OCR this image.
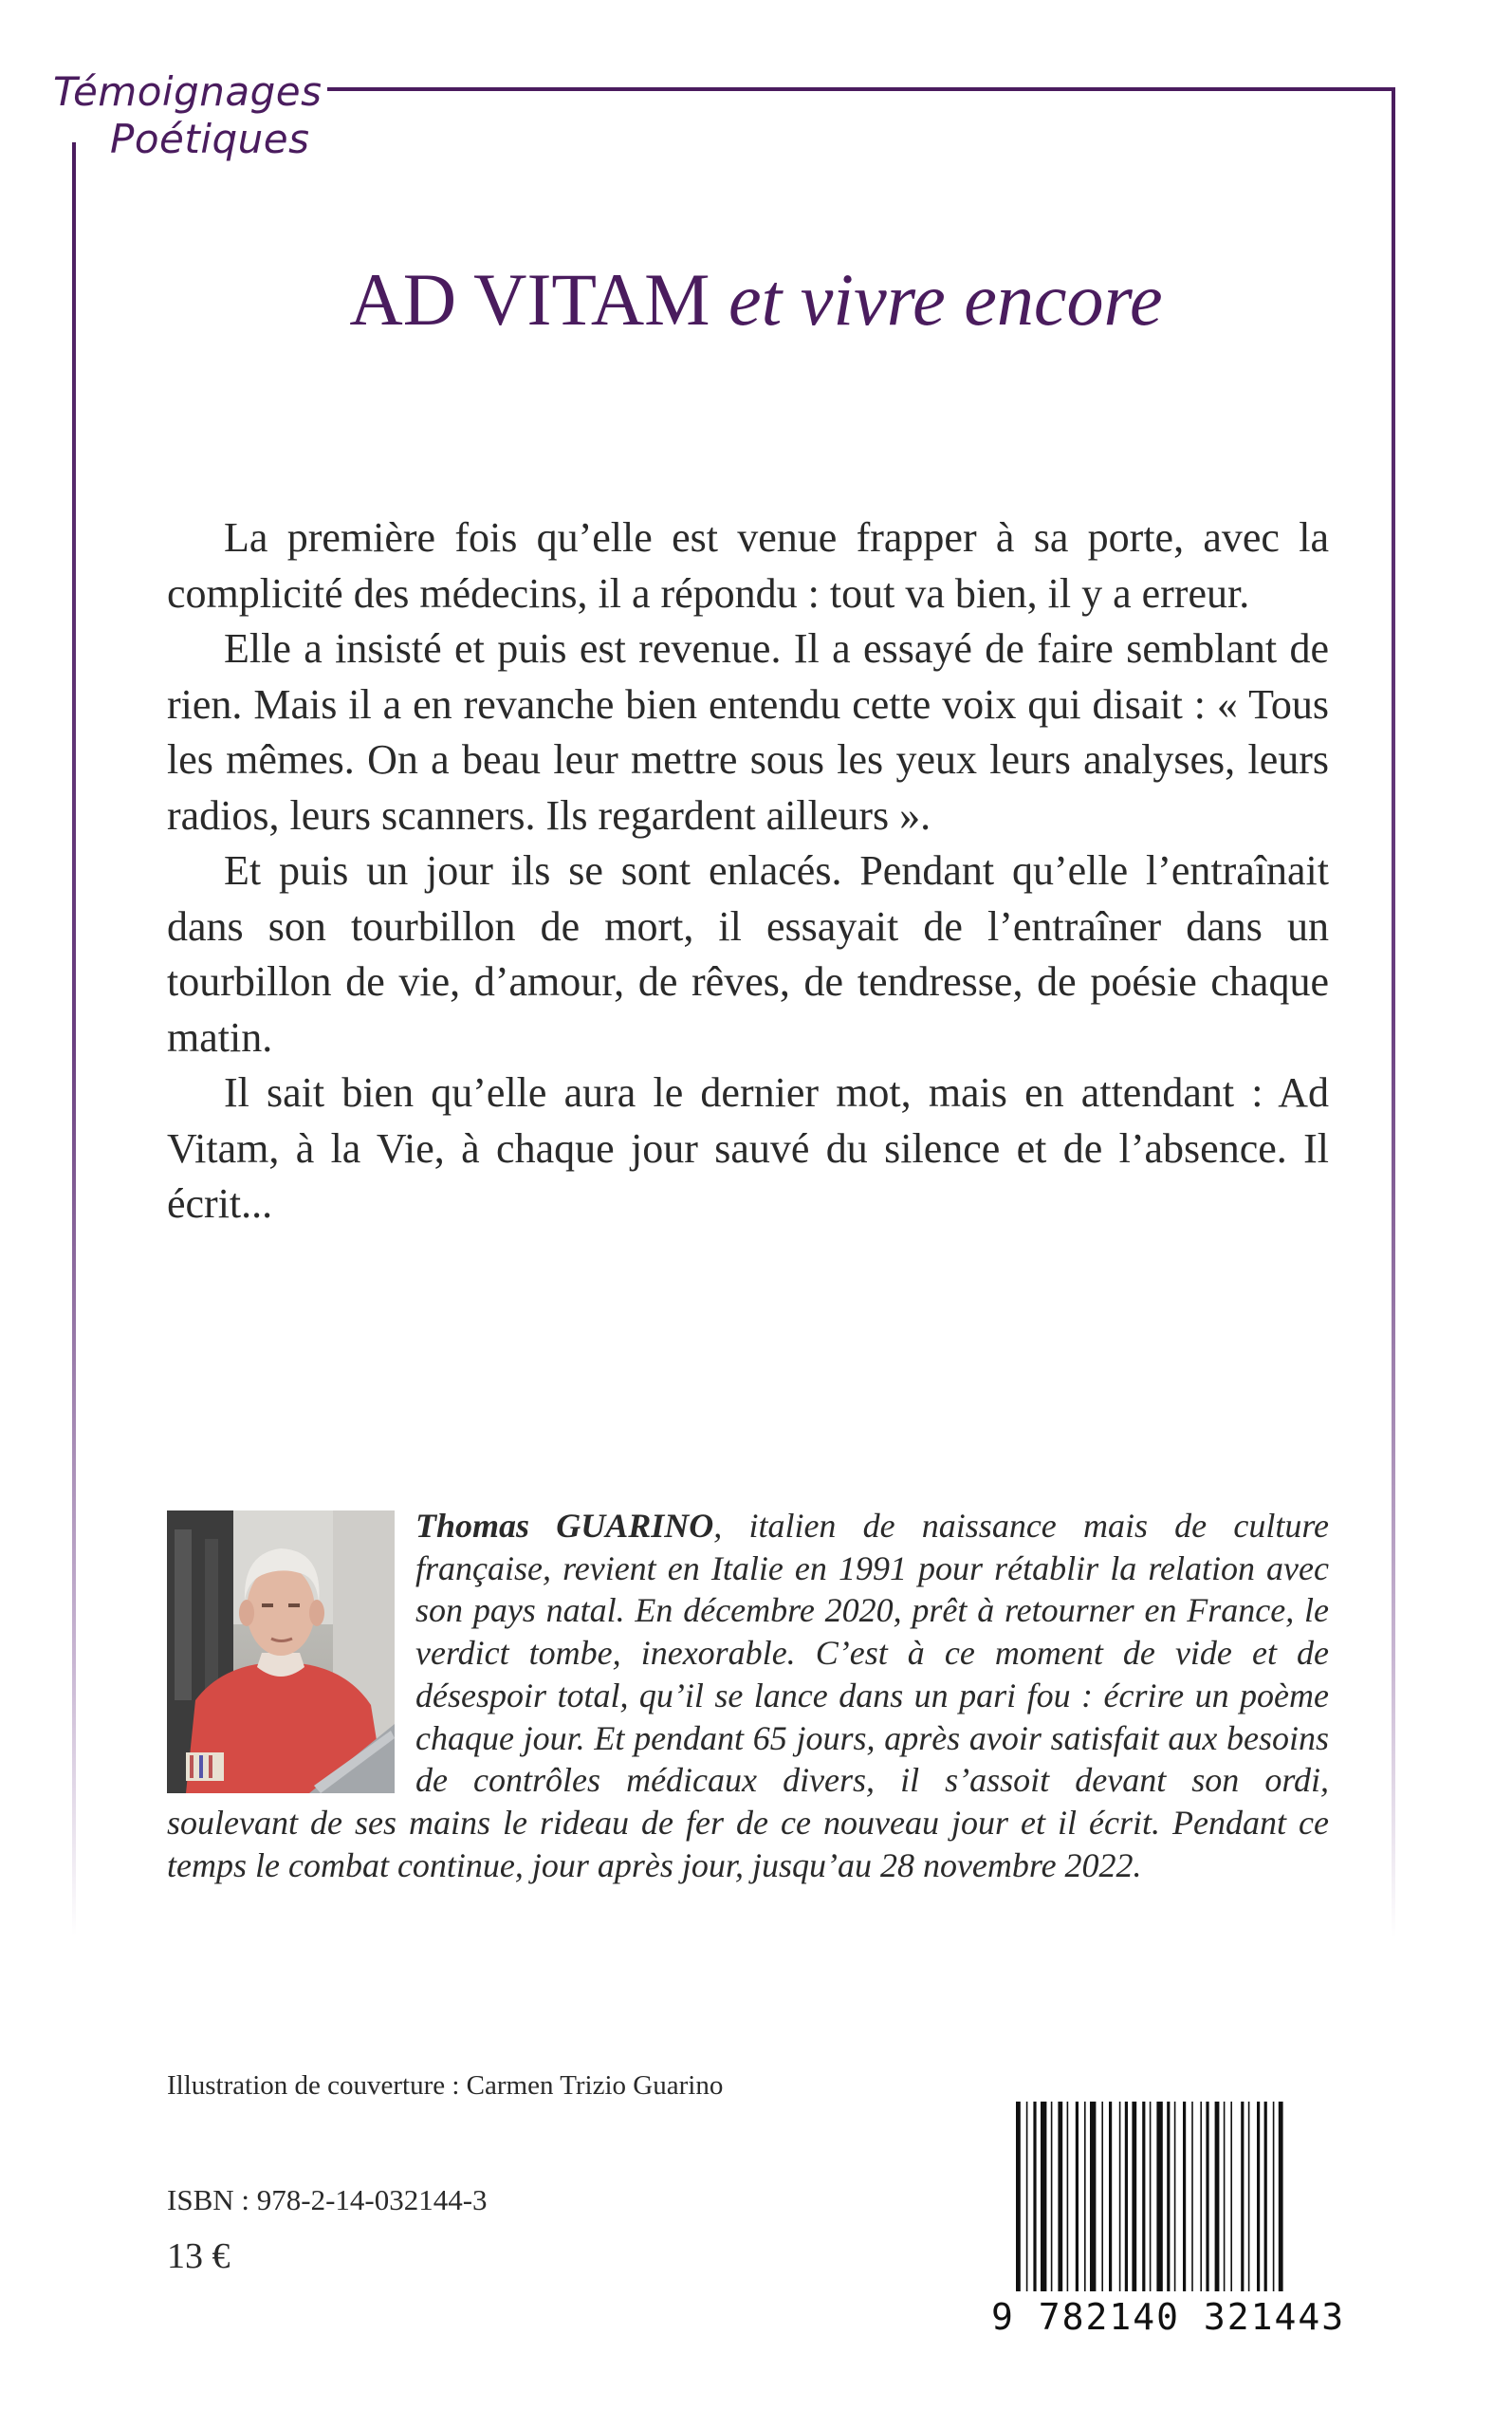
Témoignages
Poétiques
AD VITAM et vivre encore

La première fois qu’elle est venue frapper à sa porte, avec la complicité des médecins, il a répondu : tout va bien, il y a erreur.

Elle a insisté et puis est revenue. Il a essayé de faire semblant de rien. Mais il a en revanche bien entendu cette voix qui disait : « Tous les mêmes. On a beau leur mettre sous les yeux leurs analyses, leurs radios, leurs scanners. Ils regardent ailleurs ».

Et puis un jour ils se sont enlacés. Pendant qu’elle l’entraînait dans son tourbillon de mort, il essayait de l’entraîner dans un tourbillon de vie, d’amour, de rêves, de tendresse, de poésie chaque matin.

Il sait bien qu’elle aura le dernier mot, mais en attendant : Ad Vitam, à la Vie, à chaque jour sauvé du silence et de l’absence. Il écrit...

Thomas GUARINO, italien de naissance mais de culture française, revient en Italie en 1991 pour rétablir la relation avec son pays natal. En décembre 2020, prêt à retourner en France, le verdict tombe, inexorable. C’est à ce moment de vide et de désespoir total, qu’il se lance dans un pari fou : écrire un poème chaque jour. Et pendant 65 jours, après avoir satisfait aux besoins de contrôles médicaux divers, il s’assoit devant son ordi, soulevant de ses mains le rideau de fer de ce nouveau jour et il écrit. Pendant ce temps le combat continue, jour après jour, jusqu’au 28 novembre 2022.
Illustration de couverture : Carmen Trizio Guarino
ISBN : 978-2-14-032144-3
13 €
9 782140 321443
